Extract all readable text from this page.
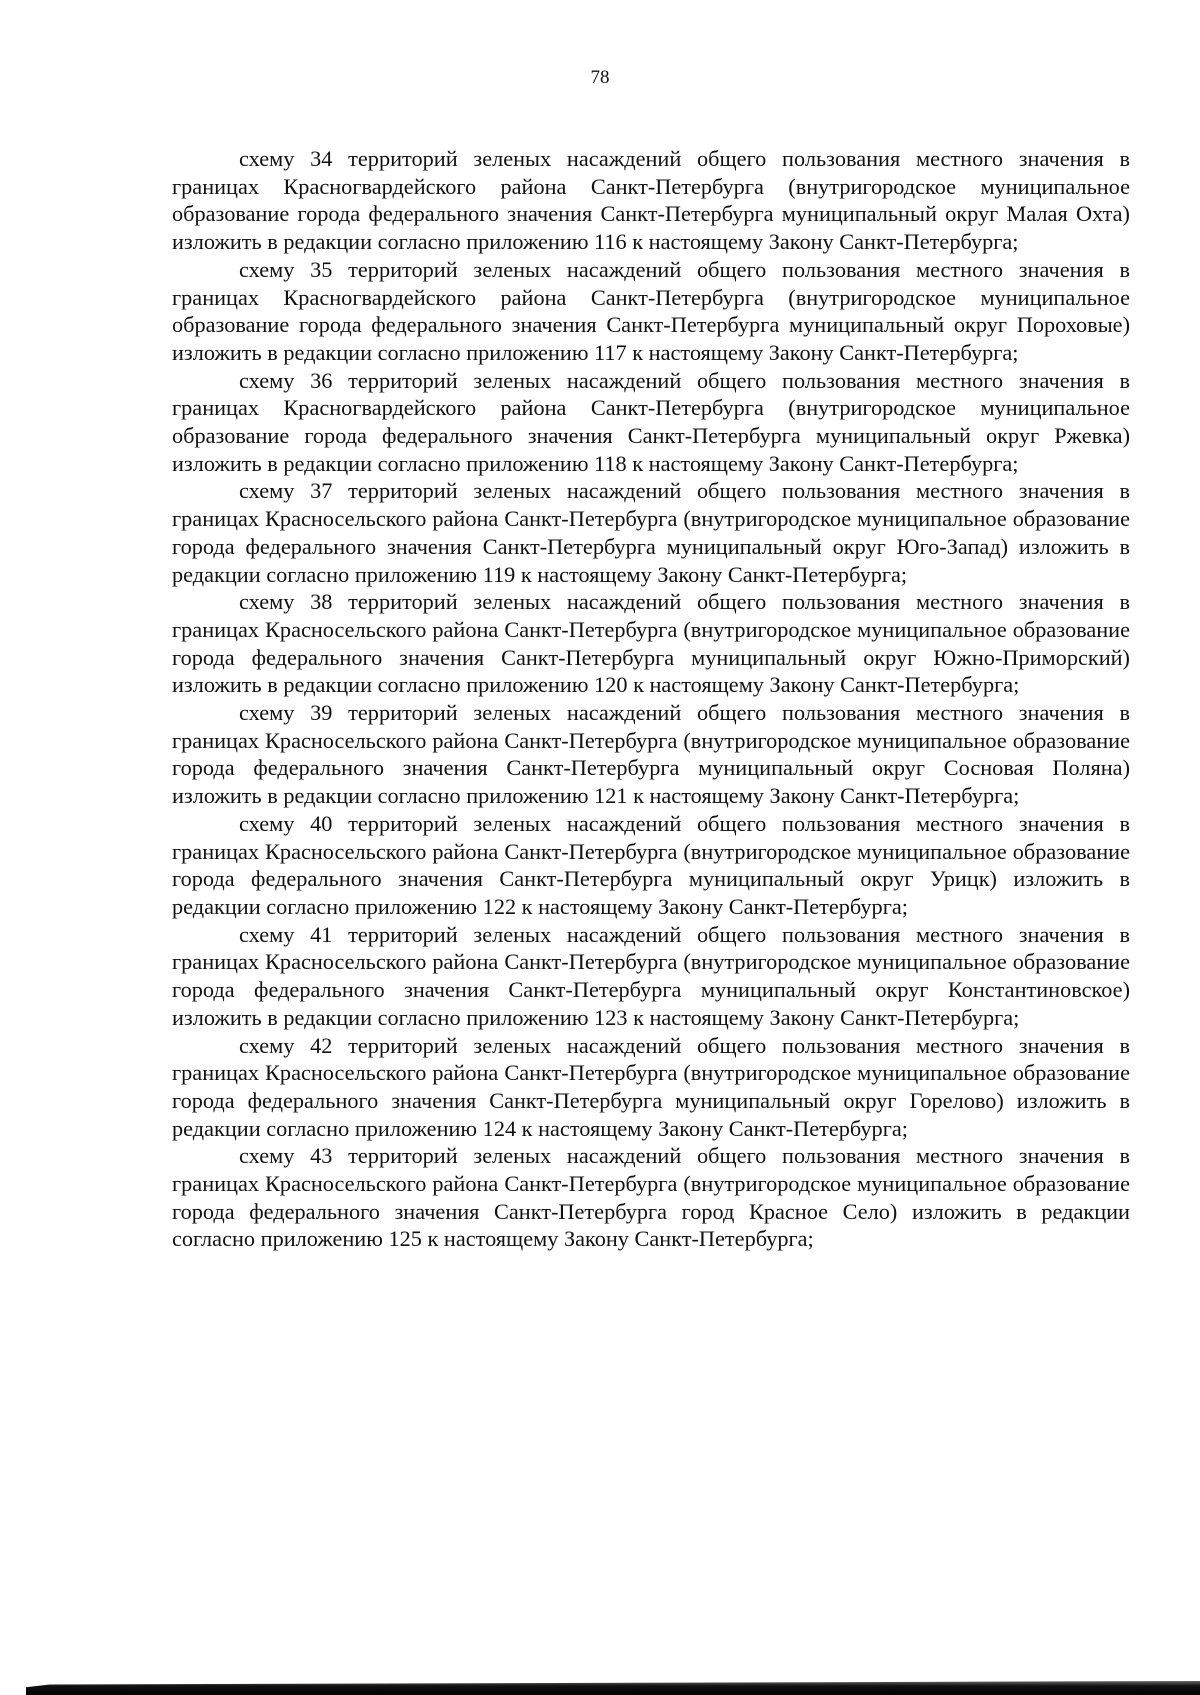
78

схему 34 территорий зеленых насаждений общего пользования местного значения в границах Красногвардейского района Санкт-Петербурга (внутригородское муниципальное образование города федерального значения Санкт-Петербурга муниципальный округ Малая Охта) изложить в редакции согласно приложению 116 к настоящему Закону Санкт-Петербурга;

схему 35 территорий зеленых насаждений общего пользования местного значения в границах Красногвардейского района Санкт-Петербурга (внутригородское муниципальное образование города федерального значения Санкт-Петербурга муниципальный округ Пороховые) изложить в редакции согласно приложению 117 к настоящему Закону Санкт-Петербурга;

схему 36 территорий зеленых насаждений общего пользования местного значения в границах Красногвардейского района Санкт-Петербурга (внутригородское муниципальное образование города федерального значения Санкт-Петербурга муниципальный округ Ржевка) изложить в редакции согласно приложению 118 к настоящему Закону Санкт-Петербурга;

схему 37 территорий зеленых насаждений общего пользования местного значения в границах Красносельского района Санкт-Петербурга (внутригородское муниципальное образование города федерального значения Санкт-Петербурга муниципальный округ Юго-Запад) изложить в редакции согласно приложению 119 к настоящему Закону Санкт-Петербурга;

схему 38 территорий зеленых насаждений общего пользования местного значения в границах Красносельского района Санкт-Петербурга (внутригородское муниципальное образование города федерального значения Санкт-Петербурга муниципальный округ Южно-Приморский) изложить в редакции согласно приложению 120 к настоящему Закону Санкт-Петербурга;

схему 39 территорий зеленых насаждений общего пользования местного значения в границах Красносельского района Санкт-Петербурга (внутригородское муниципальное образование города федерального значения Санкт-Петербурга муниципальный округ Сосновая Поляна) изложить в редакции согласно приложению 121 к настоящему Закону Санкт-Петербурга;

схему 40 территорий зеленых насаждений общего пользования местного значения в границах Красносельского района Санкт-Петербурга (внутригородское муниципальное образование города федерального значения Санкт-Петербурга муниципальный округ Урицк) изложить в редакции согласно приложению 122 к настоящему Закону Санкт-Петербурга;

схему 41 территорий зеленых насаждений общего пользования местного значения в границах Красносельского района Санкт-Петербурга (внутригородское муниципальное образование города федерального значения Санкт-Петербурга муниципальный округ Константиновское) изложить в редакции согласно приложению 123 к настоящему Закону Санкт-Петербурга;

схему 42 территорий зеленых насаждений общего пользования местного значения в границах Красносельского района Санкт-Петербурга (внутригородское муниципальное образование города федерального значения Санкт-Петербурга муниципальный округ Горелово) изложить в редакции согласно приложению 124 к настоящему Закону Санкт-Петербурга;

схему 43 территорий зеленых насаждений общего пользования местного значения в границах Красносельского района Санкт-Петербурга (внутригородское муниципальное образование города федерального значения Санкт-Петербурга город Красное Село) изложить в редакции согласно приложению 125 к настоящему Закону Санкт-Петербурга;
